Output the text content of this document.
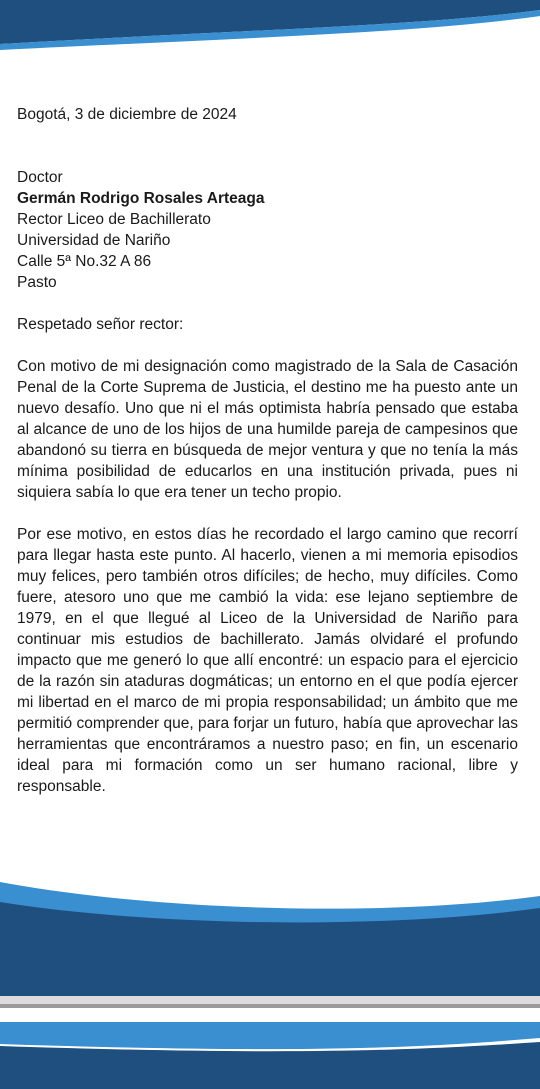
Bogotá, 3 de diciembre de 2024
Doctor
Germán Rodrigo Rosales Arteaga
Rector Liceo de Bachillerato
Universidad de Nariño
Calle 5ª No.32 A 86
Pasto
Respetado señor rector:

Con motivo de mi designación como magistrado de la Sala de Casación Penal de la Corte Suprema de Justicia, el destino me ha puesto ante un nuevo desafío. Uno que ni el más optimista habría pensado que estaba al alcance de uno de los hijos de una humilde pareja de campesinos que abandonó su tierra en búsqueda de mejor ventura y que no tenía la más mínima posibilidad de educarlos en una institución privada, pues ni siquiera sabía lo que era tener un techo propio.

Por ese motivo, en estos días he recordado el largo camino que recorrí para llegar hasta este punto. Al hacerlo, vienen a mi memoria episodios muy felices, pero también otros difíciles; de hecho, muy difíciles. Como fuere, atesoro uno que me cambió la vida: ese lejano septiembre de 1979, en el que llegué al Liceo de la Universidad de Nariño para continuar mis estudios de bachillerato. Jamás olvidaré el profundo impacto que me generó lo que allí encontré: un espacio para el ejercicio de la razón sin ataduras dogmáticas; un entorno en el que podía ejercer mi libertad en el marco de mi propia responsabilidad; un ámbito que me permitió comprender que, para forjar un futuro, había que aprovechar las herramientas que encontráramos a nuestro paso; en fin, un escenario ideal para mi formación como un ser humano racional, libre y responsable.
